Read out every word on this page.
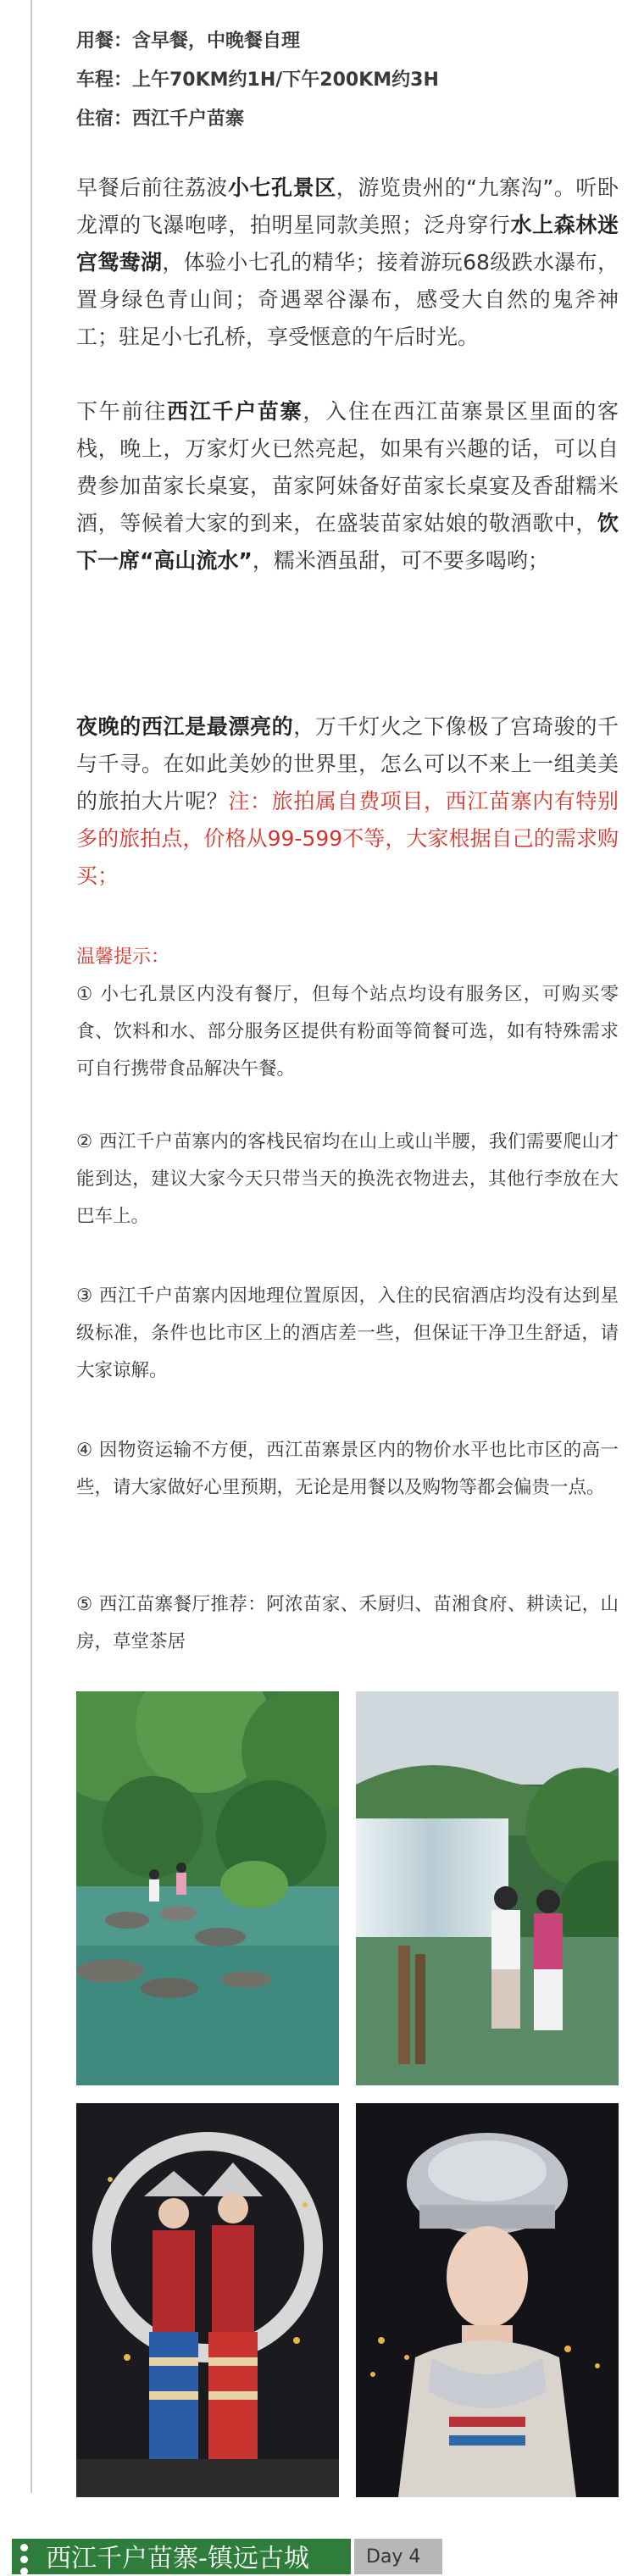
用餐：含早餐，中晚餐自理
车程：上午70KM约1H/下午200KM约3H
住宿：西江千户苗寨

早餐后前往荔波小七孔景区，游览贵州的“九寨沟”。听卧龙潭的飞瀑咆哮，拍明星同款美照；泛舟穿行水上森林迷宫鸳鸯湖，体验小七孔的精华；接着游玩68级跌水瀑布，置身绿色青山间；奇遇翠谷瀑布，感受大自然的鬼斧神工；驻足小七孔桥，享受惬意的午后时光。

下午前往西江千户苗寨，入住在西江苗寨景区里面的客栈，晚上，万家灯火已然亮起，如果有兴趣的话，可以自费参加苗家长桌宴，苗家阿妹备好苗家长桌宴及香甜糯米酒，等候着大家的到来，在盛装苗家姑娘的敬酒歌中，饮下一席“高山流水”，糯米酒虽甜，可不要多喝哟；

夜晚的西江是最漂亮的，万千灯火之下像极了宫琦骏的千与千寻。在如此美妙的世界里，怎么可以不来上一组美美的旅拍大片呢？注：旅拍属自费项目，西江苗寨内有特别多的旅拍点，价格从99-599不等，大家根据自己的需求购买；

温馨提示：

① 小七孔景区内没有餐厅，但每个站点均设有服务区，可购买零食、饮料和水、部分服务区提供有粉面等简餐可选，如有特殊需求可自行携带食品解决午餐。

② 西江千户苗寨内的客栈民宿均在山上或山半腰，我们需要爬山才能到达，建议大家今天只带当天的换洗衣物进去，其他行李放在大巴车上。

③ 西江千户苗寨内因地理位置原因，入住的民宿酒店均没有达到星级标准，条件也比市区上的酒店差一些，但保证干净卫生舒适，请大家谅解。

④ 因物资运输不方便，西江苗寨景区内的物价水平也比市区的高一些，请大家做好心里预期，无论是用餐以及购物等都会偏贵一点。

⑤ 西江苗寨餐厅推荐：阿浓苗家、禾厨归、苗湘食府、耕读记，山房，草堂茶居

西江千户苗寨-镇远古城	Day 4
